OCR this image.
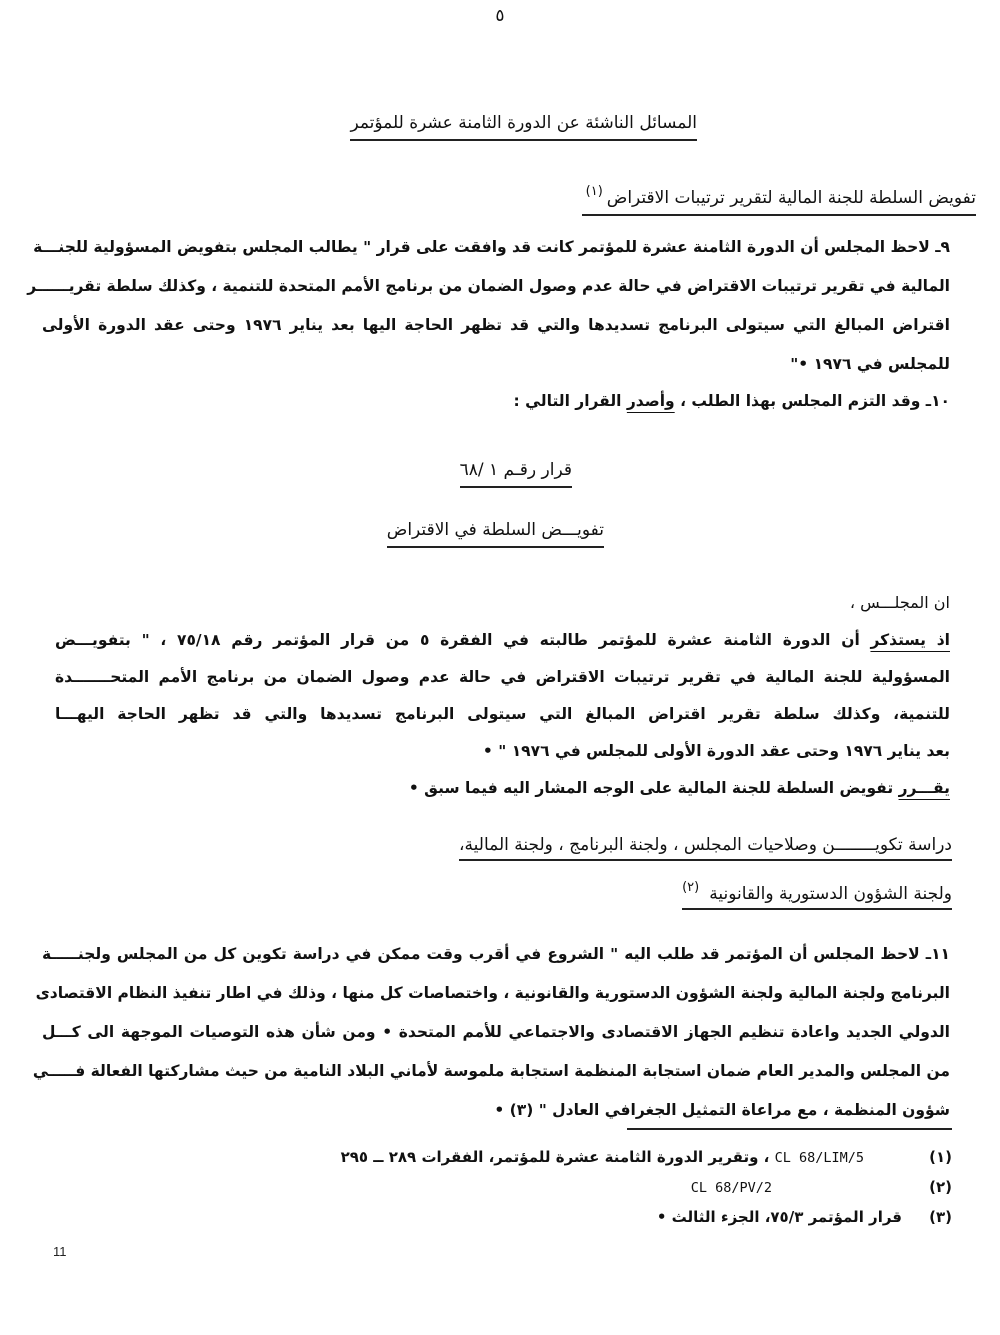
٥
المسائل الناشئة عن الدورة الثامنة عشرة للمؤتمر
تفويض السلطة للجنة المالية لتقرير ترتيبات الاقتراض$^{(١)}$
٩ـ لاحظ المجلس أن الدورة الثامنة عشرة للمؤتمر كانت قد وافقت على قرار " يطالب المجلس بتفويض المسؤولية للجنـــة
المالية في تقرير ترتيبات الاقتراض في حالة عدم وصول الضمان من برنامج الأمم المتحدة للتنمية ، وكذلك سلطة تقريــــــر
اقتراض المبالغ التي سيتولى البرنامج تسديدها والتي قد تظهر الحاجة اليها بعد يناير ١٩٧٦ وحتى عقد الدورة الأولى
للمجلس في ١٩٧٦ •"
١٠ـ وقد التزم المجلس بهذا الطلب ، وأصدر القرار التالي :
قرار رقـم ١ /٦٨
تفويـــض السلطة في الاقتراض
ان المجلـــس ،
اذ يستذكر أن الدورة الثامنة عشرة للمؤتمر طالبته في الفقرة ٥ من قرار المؤتمر رقم ٧٥/١٨ ، " بتفويـــض
المسؤولية للجنة المالية في تقرير ترتيبات الاقتراض في حالة عدم وصول الضمان من برنامج الأمم المتحـــــــدة
للتنمية، وكذلك سلطة تقرير اقتراض المبالغ التي سيتولى البرنامج تسديدها والتي قد تظهر الحاجة اليهـــا
بعد يناير ١٩٧٦ وحتى عقد الدورة الأولى للمجلس في ١٩٧٦ " •
يقـــرر تفويض السلطة للجنة المالية على الوجه المشار اليه فيما سبق •
دراسة تكويــــــــن وصلاحيات المجلس ، ولجنة البرنامج ، ولجنة المالية،
ولجنة الشؤون الدستورية والقانونية$^{(٢)}$
١١ـ لاحظ المجلس أن المؤتمر قد طلب اليه " الشروع في أقرب وقت ممكن في دراسة تكوين كل من المجلس ولجنـــــة
البرنامج ولجنة المالية ولجنة الشؤون الدستورية والقانونية ، واختصاصات كل منها ، وذلك في اطار تنفيذ النظام الاقتصادى
الدولي الجديد واعادة تنظيم الجهاز الاقتصادى والاجتماعي للأمم المتحدة • ومن شأن هذه التوصيات الموجهة الى كـــل
من المجلس والمدير العام ضمان استجابة المنظمة استجابة ملموسة لأماني البلاد النامية من حيث مشاركتها الفعالة فـــــي
شؤون المنظمة ، مع مراعاة التمثيل الجغرافي العادل " (٣) •
(١)
CL 68/LIM/5 ، وتقرير الدورة الثامنة عشرة للمؤتمر، الفقرات ٢٨٩ ــ ٢٩٥
(٢)
CL 68/PV/2
(٣)
قرار المؤتمر ٧٥/٣، الجزء الثالث •
11
